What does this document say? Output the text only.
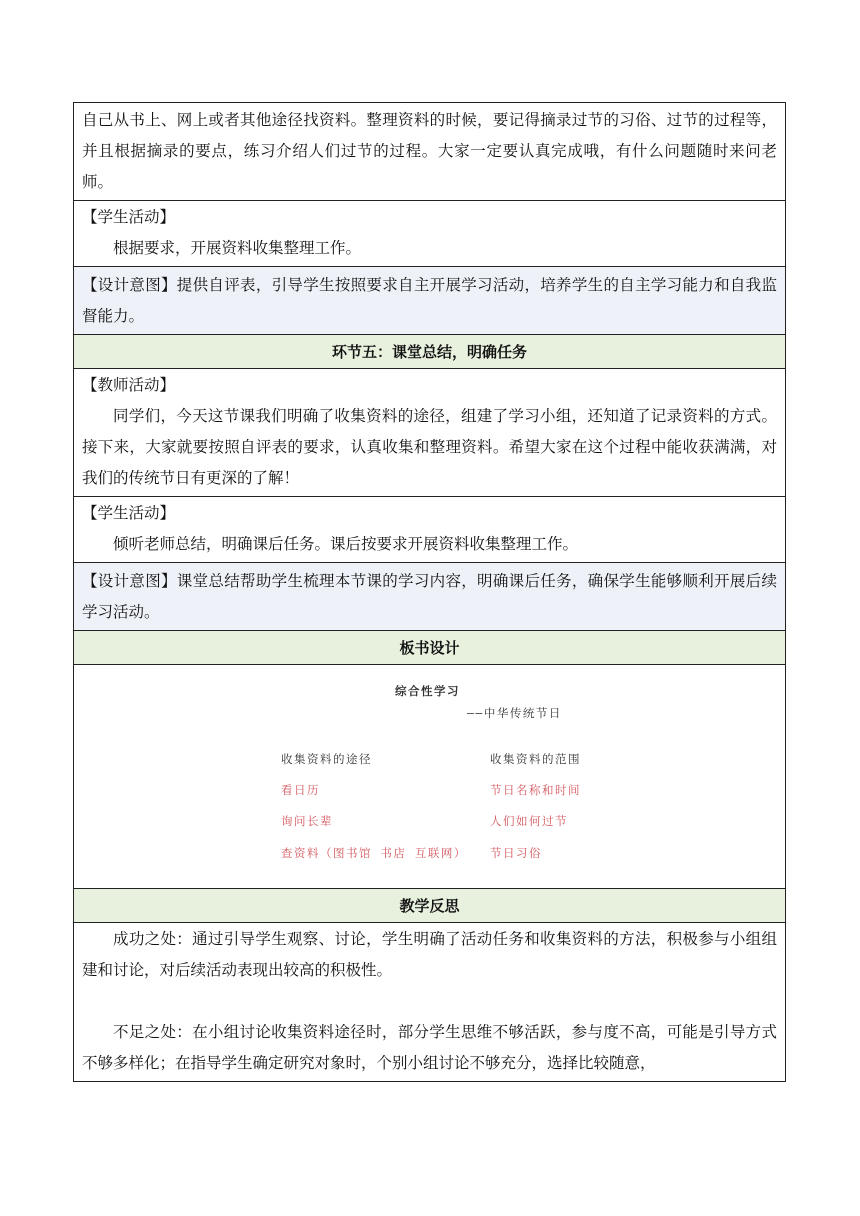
自己从书上、网上或者其他途径找资料。整理资料的时候，要记得摘录过节的习俗、过节的过程等，并且根据摘录的要点，练习介绍人们过节的过程。大家一定要认真完成哦，有什么问题随时来问老师。

【学生活动】

根据要求，开展资料收集整理工作。

【设计意图】提供自评表，引导学生按照要求自主开展学习活动，培养学生的自主学习能力和自我监督能力。

环节五：课堂总结，明确任务

【教师活动】

同学们，今天这节课我们明确了收集资料的途径，组建了学习小组，还知道了记录资料的方式。接下来，大家就要按照自评表的要求，认真收集和整理资料。希望大家在这个过程中能收获满满，对我们的传统节日有更深的了解！

【学生活动】

倾听老师总结，明确课后任务。课后按要求开展资料收集整理工作。

【设计意图】课堂总结帮助学生梳理本节课的学习内容，明确课后任务，确保学生能够顺利开展后续学习活动。

板书设计
综合性学习
——中华传统节日
收集资料的途径
看日历
询问长辈
查资料（图书馆 书店 互联网）
收集资料的范围
节日名称和时间
人们如何过节
节日习俗
教学反思

成功之处：通过引导学生观察、讨论，学生明确了活动任务和收集资料的方法，积极参与小组组建和讨论，对后续活动表现出较高的积极性。

不足之处：在小组讨论收集资料途径时，部分学生思维不够活跃，参与度不高，可能是引导方式不够多样化；在指导学生确定研究对象时，个别小组讨论不够充分，选择比较随意，
